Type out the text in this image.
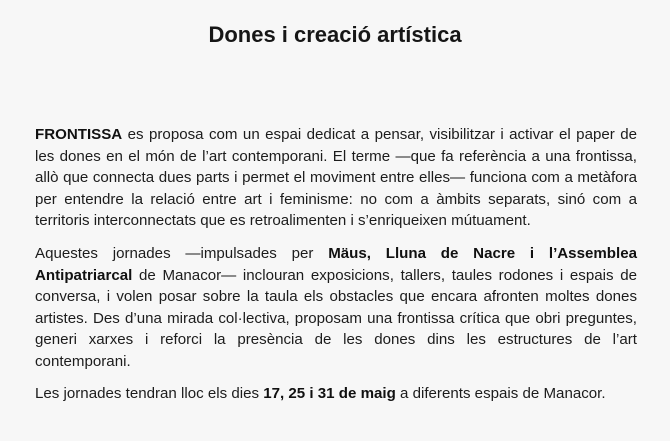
Dones i creació artística

FRONTISSA es proposa com un espai dedicat a pensar, visibilitzar i activar el paper de les dones en el món de l’art contemporani. El terme —que fa referència a una frontissa, allò que connecta dues parts i permet el moviment entre elles— funciona com a metàfora per entendre la relació entre art i feminisme: no com a àmbits separats, sinó com a territoris interconnectats que es retroalimenten i s’enriqueixen mútuament.

Aquestes jornades —impulsades per Mäus, Lluna de Nacre i l’Assemblea Antipatriarcal de Manacor— inclouran exposicions, tallers, taules rodones i espais de conversa, i volen posar sobre la taula els obstacles que encara afronten moltes dones artistes. Des d’una mirada col·lectiva, proposam una frontissa crítica que obri preguntes, generi xarxes i reforci la presència de les dones dins les estructures de l’art contemporani.

Les jornades tendran lloc els dies 17, 25 i 31 de maig a diferents espais de Manacor.
